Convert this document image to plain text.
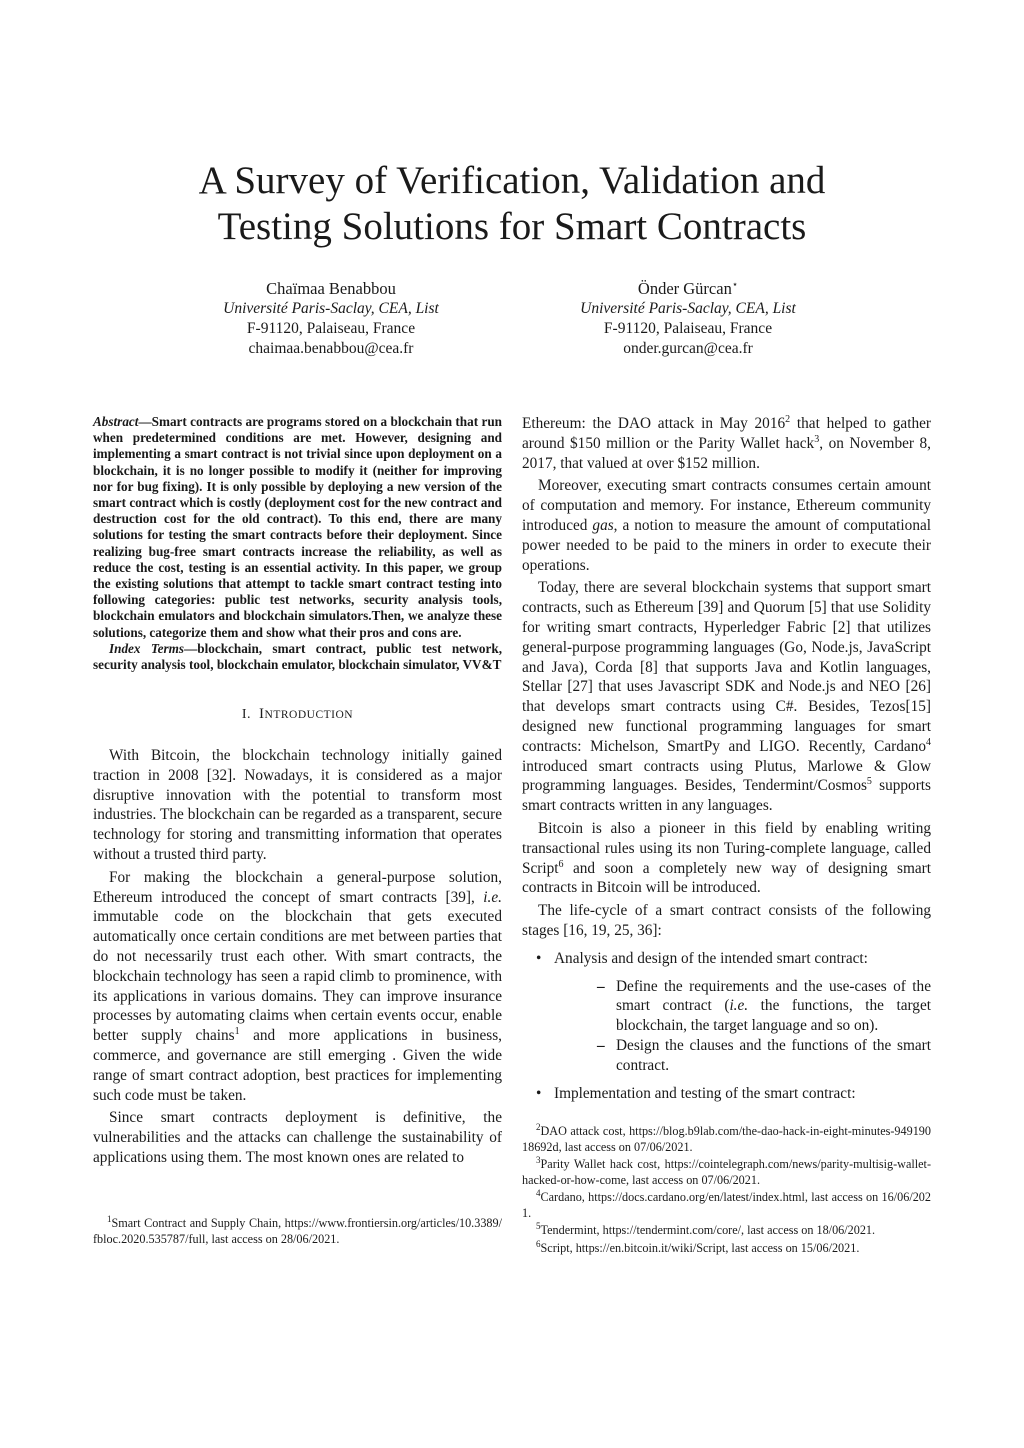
A Survey of Verification, Validation and
Testing Solutions for Smart Contracts
Chaïmaa Benabbou
Université Paris-Saclay, CEA, List
F-91120, Palaiseau, France
chaimaa.benabbou@cea.fr
Önder Gürcan⋆
Université Paris-Saclay, CEA, List
F-91120, Palaiseau, France
onder.gurcan@cea.fr

Abstract—Smart contracts are programs stored on a blockchain that run when predetermined conditions are met. However, designing and implementing a smart contract is not trivial since upon deployment on a blockchain, it is no longer possible to modify it (neither for improving nor for bug fixing). It is only possible by deploying a new version of the smart contract which is costly (deployment cost for the new contract and destruction cost for the old contract). To this end, there are many solutions for testing the smart contracts before their deployment. Since realizing bug-free smart contracts increase the reliability, as well as reduce the cost, testing is an essential activity. In this paper, we group the existing solutions that attempt to tackle smart contract testing into following categories: public test networks, security analysis tools, blockchain emulators and blockchain simulators.Then, we analyze these solutions, categorize them and show what their pros and cons are.

Index Terms—blockchain, smart contract, public test network, security analysis tool, blockchain emulator, blockchain simulator, VV&T

I. INTRODUCTION

With Bitcoin, the blockchain technology initially gained traction in 2008 [32]. Nowadays, it is considered as a major disruptive innovation with the potential to transform most industries. The blockchain can be regarded as a transparent, secure technology for storing and transmitting information that operates without a trusted third party.

For making the blockchain a general-purpose solution, Ethereum introduced the concept of smart contracts [39], i.e. immutable code on the blockchain that gets executed automatically once certain conditions are met between parties that do not necessarily trust each other. With smart contracts, the blockchain technology has seen a rapid climb to prominence, with its applications in various domains. They can improve insurance processes by automating claims when certain events occur, enable better supply chains$^1$ and more applications in business, commerce, and governance are still emerging . Given the wide range of smart contract adoption, best practices for implementing such code must be taken.

Since smart contracts deployment is definitive, the vulnerabilities and the attacks can challenge the sustainability of applications using them. The most known ones are related to

Ethereum: the DAO attack in May 2016$^2$ that helped to gather around $150 million or the Parity Wallet hack$^3$, on November 8, 2017, that valued at over $152 million.

Moreover, executing smart contracts consumes certain amount of computation and memory. For instance, Ethereum community introduced gas, a notion to measure the amount of computational power needed to be paid to the miners in order to execute their operations.

Today, there are several blockchain systems that support smart contracts, such as Ethereum [39] and Quorum [5] that use Solidity for writing smart contracts, Hyperledger Fabric [2] that utilizes general-purpose programming languages (Go, Node.js, JavaScript and Java), Corda [8] that supports Java and Kotlin languages, Stellar [27] that uses Javascript SDK and Node.js and NEO [26] that develops smart contracts using C#. Besides, Tezos[15] designed new functional programming languages for smart contracts: Michelson, SmartPy and LIGO. Recently, Cardano$^4$ introduced smart contracts using Plutus, Marlowe & Glow programming languages. Besides, Tendermint/Cosmos$^5$ supports smart contracts written in any languages.

Bitcoin is also a pioneer in this field by enabling writing transactional rules using its non Turing-complete language, called Script$^6$ and soon a completely new way of designing smart contracts in Bitcoin will be introduced.

The life-cycle of a smart contract consists of the following stages [16, 19, 25, 36]:

• Analysis and design of the intended smart contract:
– Define the requirements and the use-cases of the smart contract (i.e. the functions, the target blockchain, the target language and so on).
– Design the clauses and the functions of the smart contract.
• Implementation and testing of the smart contract:

$^1$Smart Contract and Supply Chain, https://www.frontiersin.org/articles/10.3389/fbloc.2020.535787/full, last access on 28/06/2021.

$^2$DAO attack cost, https://blog.b9lab.com/the-dao-hack-in-eight-minutes-94919018692d, last access on 07/06/2021.

$^3$Parity Wallet hack cost, https://cointelegraph.com/news/parity-multisig-wallet-hacked-or-how-come, last access on 07/06/2021.

$^4$Cardano, https://docs.cardano.org/en/latest/index.html, last access on 16/06/2021.

$^5$Tendermint, https://tendermint.com/core/, last access on 18/06/2021.

$^6$Script, https://en.bitcoin.it/wiki/Script, last access on 15/06/2021.
